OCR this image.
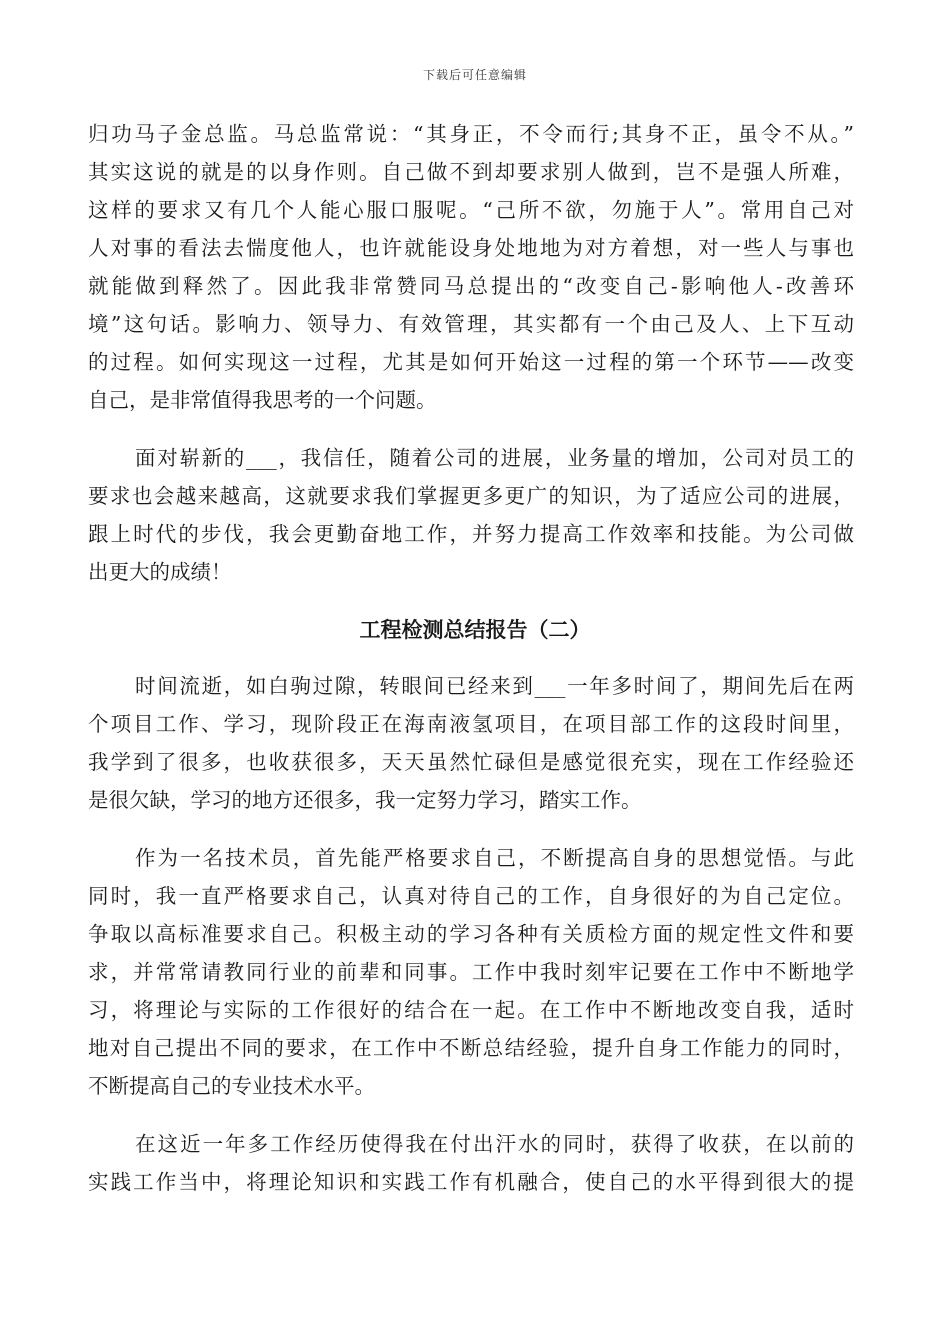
下载后可任意编辑
归功马子金总监。马总监常说：“其身正，不令而行;其身不正，虽令不从。”
其实这说的就是的以身作则。自己做不到却要求别人做到，岂不是强人所难，
这样的要求又有几个人能心服口服呢。“己所不欲，勿施于人”。常用自己对
人对事的看法去惴度他人，也许就能设身处地地为对方着想，对一些人与事也
就能做到释然了。因此我非常赞同马总提出的“改变自己-影响他人-改善环
境”这句话。影响力、领导力、有效管理，其实都有一个由己及人、上下互动
的过程。如何实现这一过程，尤其是如何开始这一过程的第一个环节——改变
自己，是非常值得我思考的一个问题。
面对崭新的___，我信任，随着公司的进展，业务量的增加，公司对员工的
要求也会越来越高，这就要求我们掌握更多更广的知识，为了适应公司的进展，
跟上时代的步伐，我会更勤奋地工作，并努力提高工作效率和技能。为公司做
出更大的成绩！
工程检测总结报告（二）
时间流逝，如白驹过隙，转眼间已经来到___一年多时间了，期间先后在两
个项目工作、学习，现阶段正在海南液氢项目，在项目部工作的这段时间里，
我学到了很多，也收获很多，天天虽然忙碌但是感觉很充实，现在工作经验还
是很欠缺，学习的地方还很多，我一定努力学习，踏实工作。
作为一名技术员，首先能严格要求自己，不断提高自身的思想觉悟。与此
同时，我一直严格要求自己，认真对待自己的工作，自身很好的为自己定位。
争取以高标准要求自己。积极主动的学习各种有关质检方面的规定性文件和要
求，并常常请教同行业的前辈和同事。工作中我时刻牢记要在工作中不断地学
习，将理论与实际的工作很好的结合在一起。在工作中不断地改变自我，适时
地对自己提出不同的要求，在工作中不断总结经验，提升自身工作能力的同时，
不断提高自己的专业技术水平。
在这近一年多工作经历使得我在付出汗水的同时，获得了收获，在以前的
实践工作当中，将理论知识和实践工作有机融合，使自己的水平得到很大的提
